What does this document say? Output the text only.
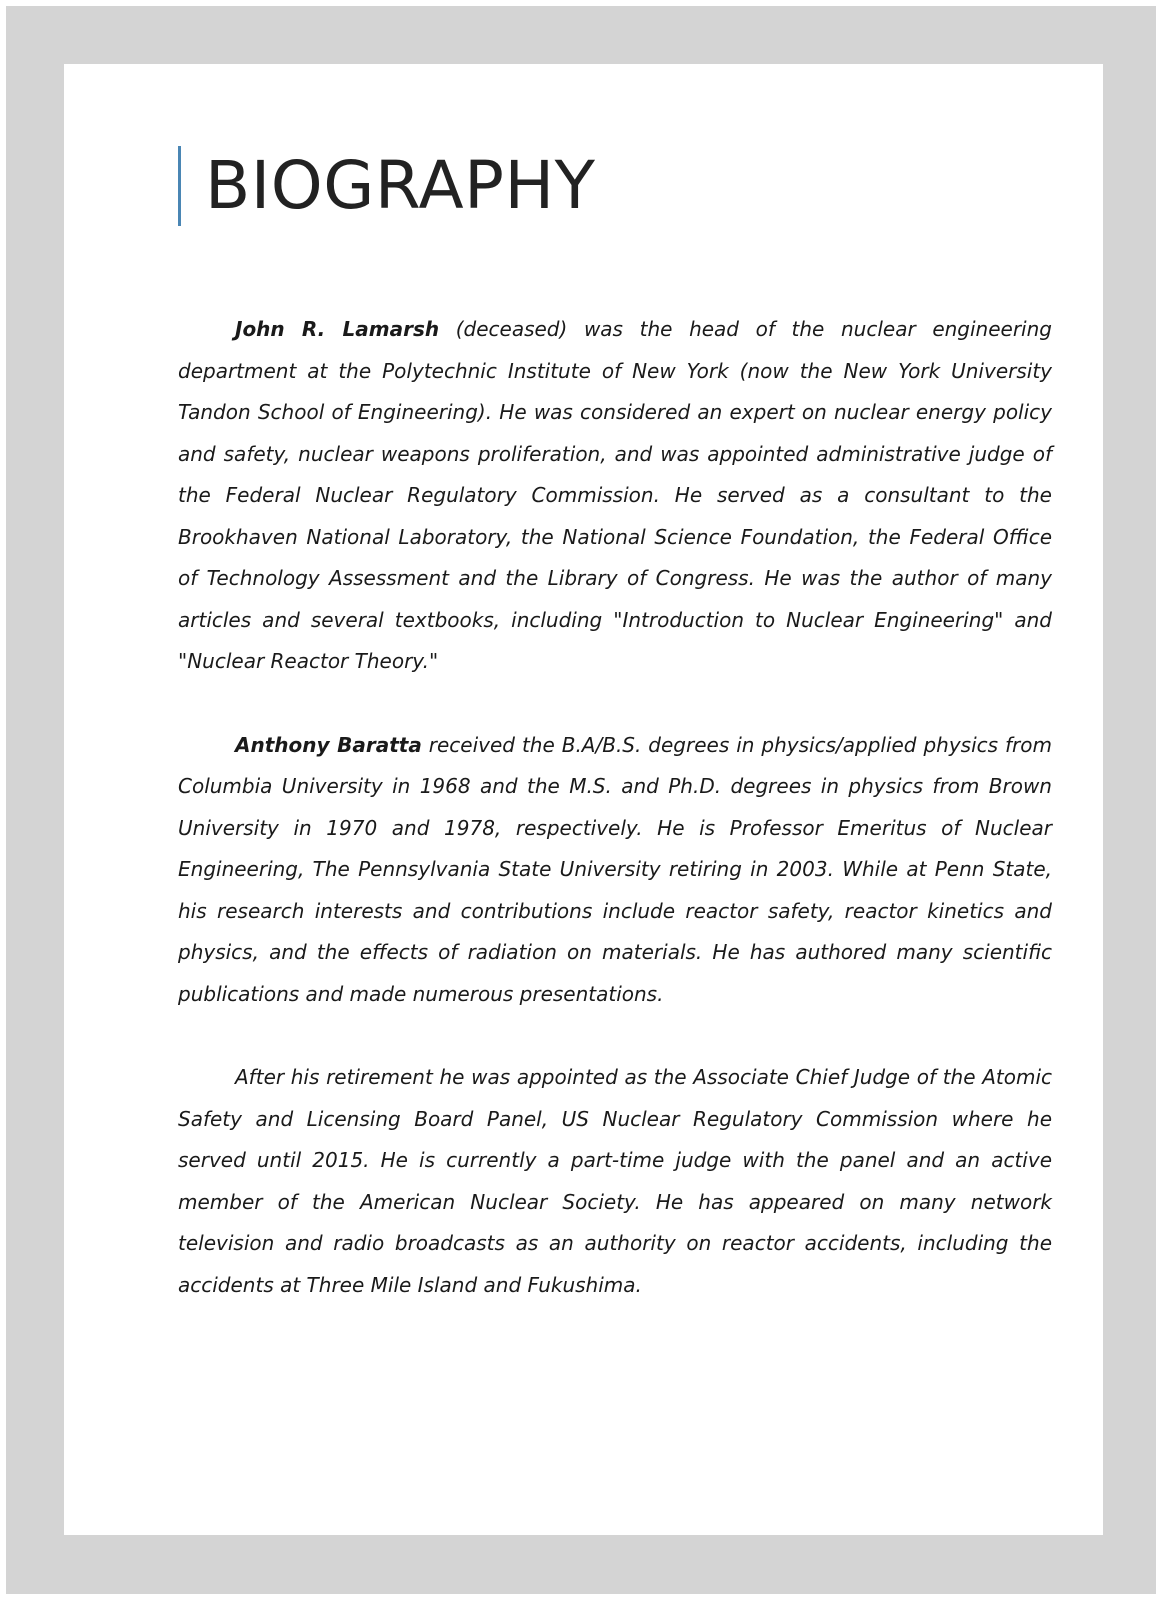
BIOGRAPHY

John R. Lamarsh (deceased) was the head of the nuclear engineering department at the Polytechnic Institute of New York (now the New York University Tandon School of Engineering). He was considered an expert on nuclear energy policy and safety, nuclear weapons proliferation, and was appointed administrative judge of the Federal Nuclear Regulatory Commission. He served as a consultant to the Brookhaven National Laboratory, the National Science Foundation, the Federal Office of Technology Assessment and the Library of Congress. He was the author of many articles and several textbooks, including "Introduction to Nuclear Engineering" and "Nuclear Reactor Theory."

Anthony Baratta received the B.A/B.S. degrees in physics/applied physics from Columbia University in 1968 and the M.S. and Ph.D. degrees in physics from Brown University in 1970 and 1978, respectively. He is Professor Emeritus of Nuclear Engineering, The Pennsylvania State University retiring in 2003. While at Penn State, his research interests and contributions include reactor safety, reactor kinetics and physics, and the effects of radiation on materials. He has authored many scientific publications and made numerous presentations.

After his retirement he was appointed as the Associate Chief Judge of the Atomic Safety and Licensing Board Panel, US Nuclear Regulatory Commission where he served until 2015. He is currently a part-time judge with the panel and an active member of the American Nuclear Society. He has appeared on many network television and radio broadcasts as an authority on reactor accidents, including the accidents at Three Mile Island and Fukushima.
